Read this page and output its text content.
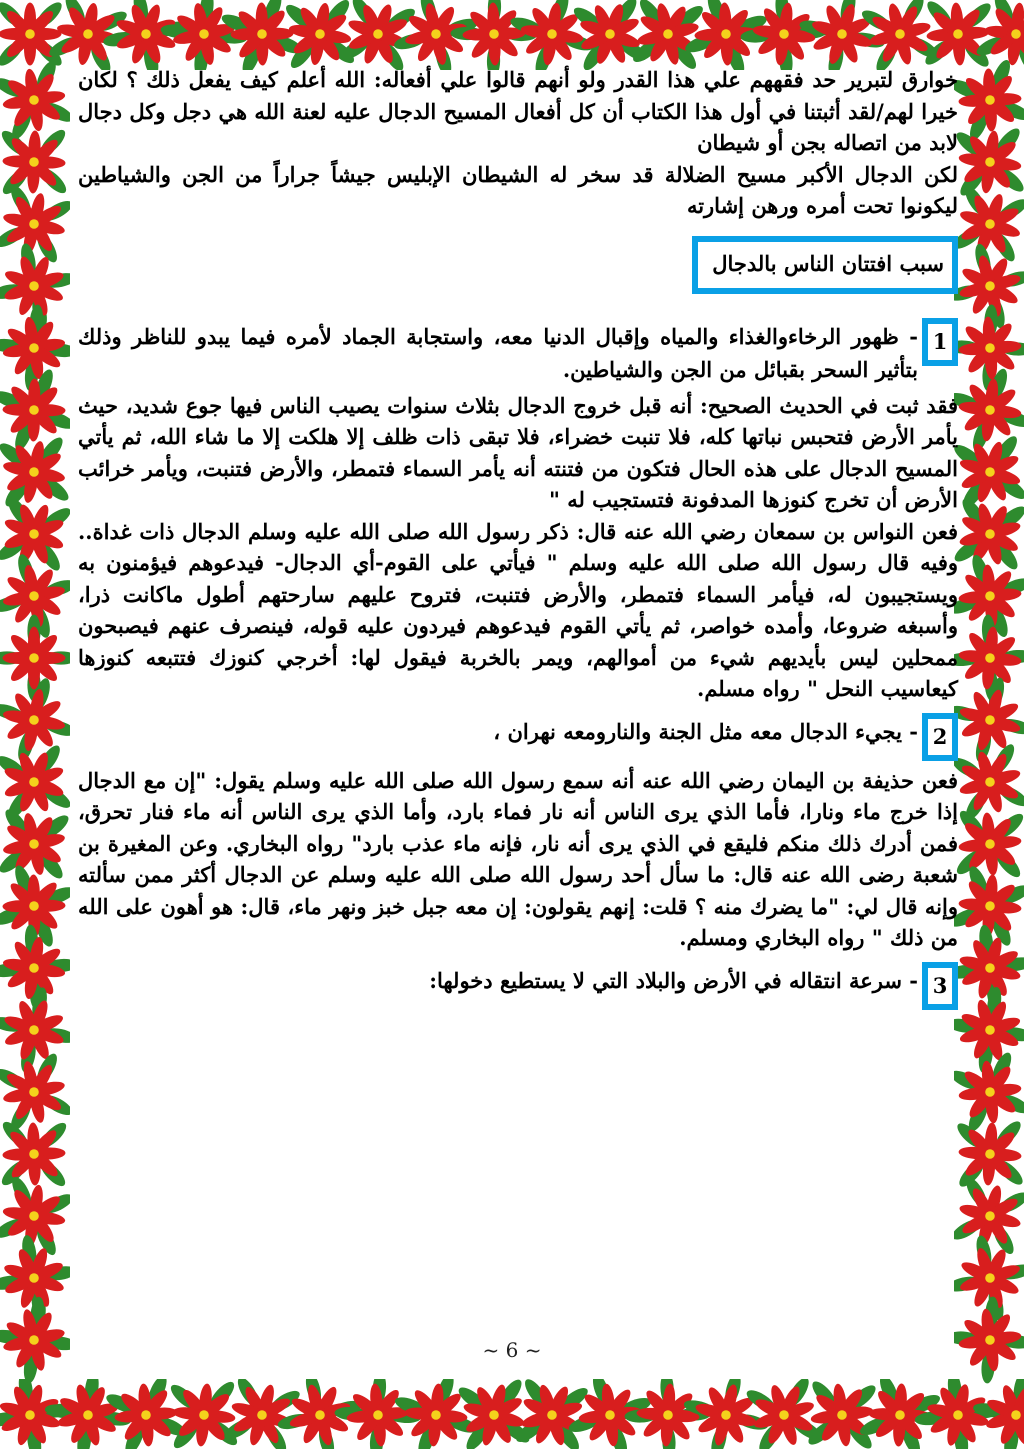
خوارق لتبرير حد فقههم علي هذا القدر ولو أنهم قالوا علي أفعاله: الله أعلم كيف يفعل ذلك ؟ لكان خيرا لهم/لقد أثبتنا في أول هذا الكتاب أن كل أفعال المسيح الدجال عليه لعنة الله هي دجل وكل دجال لابد من اتصاله بجن أو شيطان

لكن الدجال الأكبر مسيح الضلالة قد سخر له الشيطان الإبليس جيشاً جراراً من الجن والشياطين ليكونوا تحت أمره ورهن إشارته

سبب افتتان الناس بالدجال
1
- ظهور الرخاءوالغذاء والمياه وإقبال الدنيا معه، واستجابة الجماد لأمره فيما يبدو للناظر وذلك بتأثير السحر بقبائل من الجن والشياطين.

فقد ثبت في الحديث الصحيح: أنه قبل خروج الدجال بثلاث سنوات يصيب الناس فيها جوع شديد، حيث يأمر الأرض فتحبس نباتها كله، فلا تنبت خضراء، فلا تبقى ذات ظلف إلا هلكت إلا ما شاء الله، ثم يأتي المسيح الدجال على هذه الحال فتكون من فتنته أنه يأمر السماء فتمطر، والأرض فتنبت، ويأمر خرائب الأرض أن تخرج كنوزها المدفونة فتستجيب له "

فعن النواس بن سمعان رضي الله عنه قال: ذكر رسول الله صلى الله عليه وسلم الدجال ذات غداة.. وفيه قال رسول الله صلى الله عليه وسلم " فيأتي على القوم-أي الدجال- فيدعوهم فيؤمنون به ويستجيبون له، فيأمر السماء فتمطر، والأرض فتنبت، فتروح عليهم سارحتهم أطول ماكانت ذرا، وأسبغه ضروعا، وأمده خواصر، ثم يأتي القوم فيدعوهم فيردون عليه قوله، فينصرف عنهم فيصبحون ممحلين ليس بأيديهم شيء من أموالهم، ويمر بالخربة فيقول لها: أخرجي كنوزك فتتبعه كنوزها كيعاسيب النحل " رواه مسلم.

2
- يجيء الدجال معه مثل الجنة والنارومعه نهران ،

فعن حذيفة بن اليمان رضي الله عنه أنه سمع رسول الله صلى الله عليه وسلم يقول: "إن مع الدجال إذا خرج ماء ونارا، فأما الذي يرى الناس أنه نار فماء بارد، وأما الذي يرى الناس أنه ماء فنار تحرق، فمن أدرك ذلك منكم فليقع في الذي يرى أنه نار، فإنه ماء عذب بارد" رواه البخاري. وعن المغيرة بن شعبة رضى الله عنه قال: ما سأل أحد رسول الله صلى الله عليه وسلم عن الدجال أكثر ممن سألته وإنه قال لي: "ما يضرك منه ؟ قلت: إنهم يقولون: إن معه جبل خبز ونهر ماء، قال: هو أهون على الله من ذلك " رواه البخاري ومسلم.

3
- سرعة انتقاله في الأرض والبلاد التي لا يستطيع دخولها:
~ 6 ~
